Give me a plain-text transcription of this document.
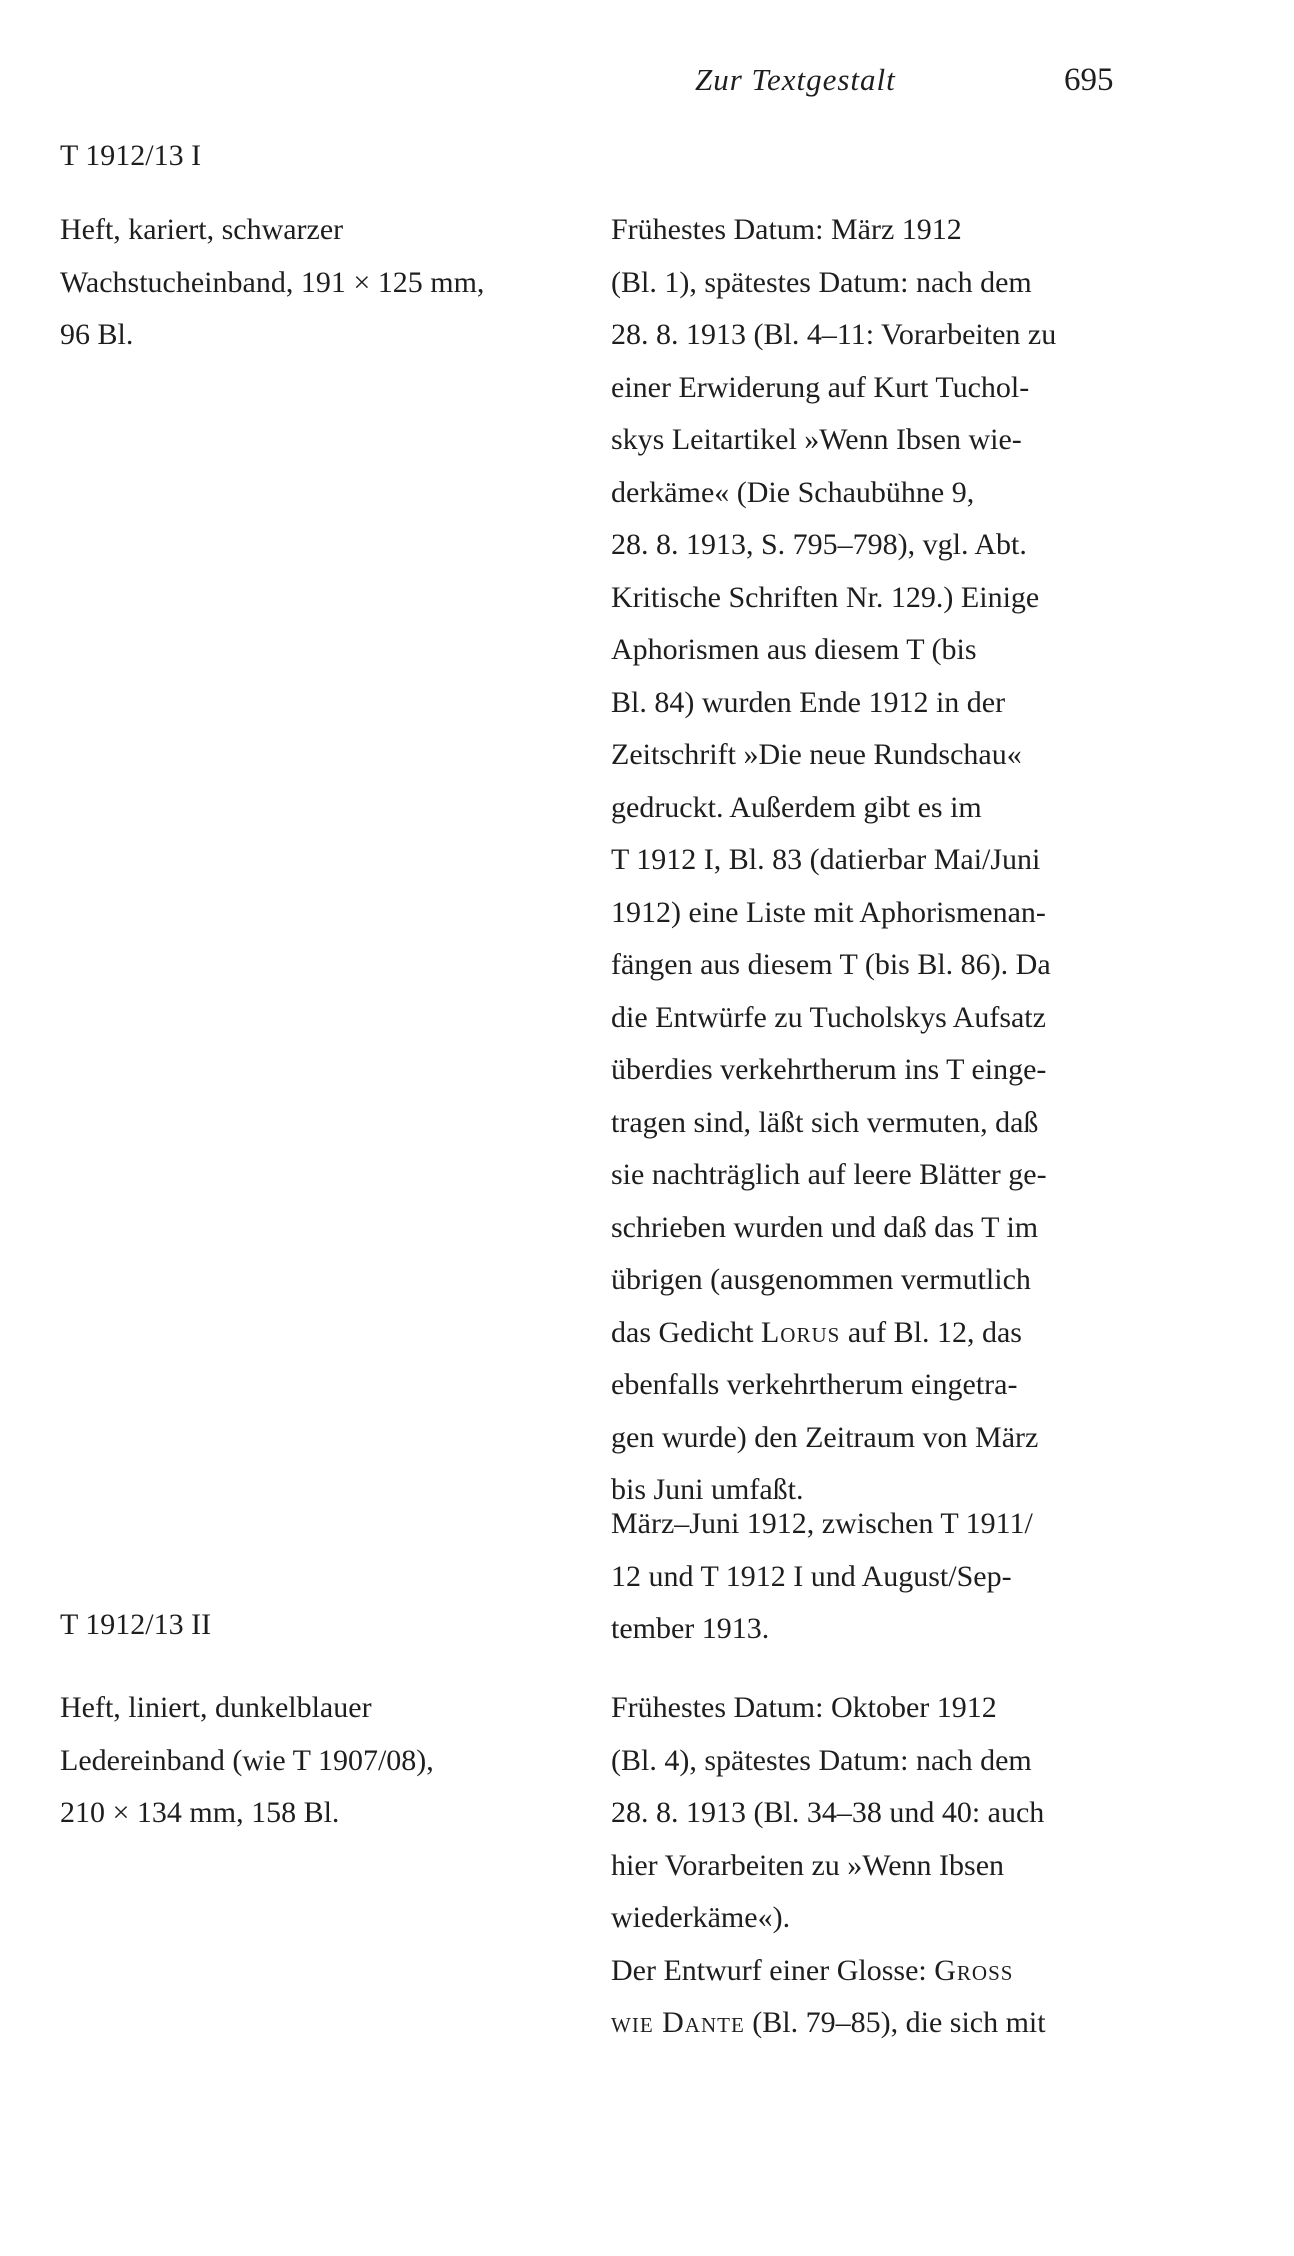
Zur Textgestalt	695
T 1912/13 I
Heft, kariert, schwarzer
Wachstucheinband, 191 × 125 mm,
96 Bl.
Frühestes Datum: März 1912
(Bl. 1), spätestes Datum: nach dem
28. 8. 1913 (Bl. 4–11: Vorarbeiten zu
einer Erwiderung auf Kurt Tuchol-
skys Leitartikel »Wenn Ibsen wie-
derkäme« (Die Schaubühne 9,
28. 8. 1913, S. 795–798), vgl. Abt.
Kritische Schriften Nr. 129.) Einige
Aphorismen aus diesem T (bis
Bl. 84) wurden Ende 1912 in der
Zeitschrift »Die neue Rundschau«
gedruckt. Außerdem gibt es im
T 1912 I, Bl. 83 (datierbar Mai/Juni
1912) eine Liste mit Aphorismenan-
fängen aus diesem T (bis Bl. 86). Da
die Entwürfe zu Tucholskys Aufsatz
überdies verkehrtherum ins T einge-
tragen sind, läßt sich vermuten, daß
sie nachträglich auf leere Blätter ge-
schrieben wurden und daß das T im
übrigen (ausgenommen vermutlich
das Gedicht Lorus auf Bl. 12, das
ebenfalls verkehrtherum eingetra-
gen wurde) den Zeitraum von März
bis Juni umfaßt.
März–Juni 1912, zwischen T 1911/
12 und T 1912 I und August/Sep-
tember 1913.
T 1912/13 II
Heft, liniert, dunkelblauer
Ledereinband (wie T 1907/08),
210 × 134 mm, 158 Bl.
Frühestes Datum: Oktober 1912
(Bl. 4), spätestes Datum: nach dem
28. 8. 1913 (Bl. 34–38 und 40: auch
hier Vorarbeiten zu »Wenn Ibsen
wiederkäme«).
Der Entwurf einer Glosse: Gross
wie Dante (Bl. 79–85), die sich mit
